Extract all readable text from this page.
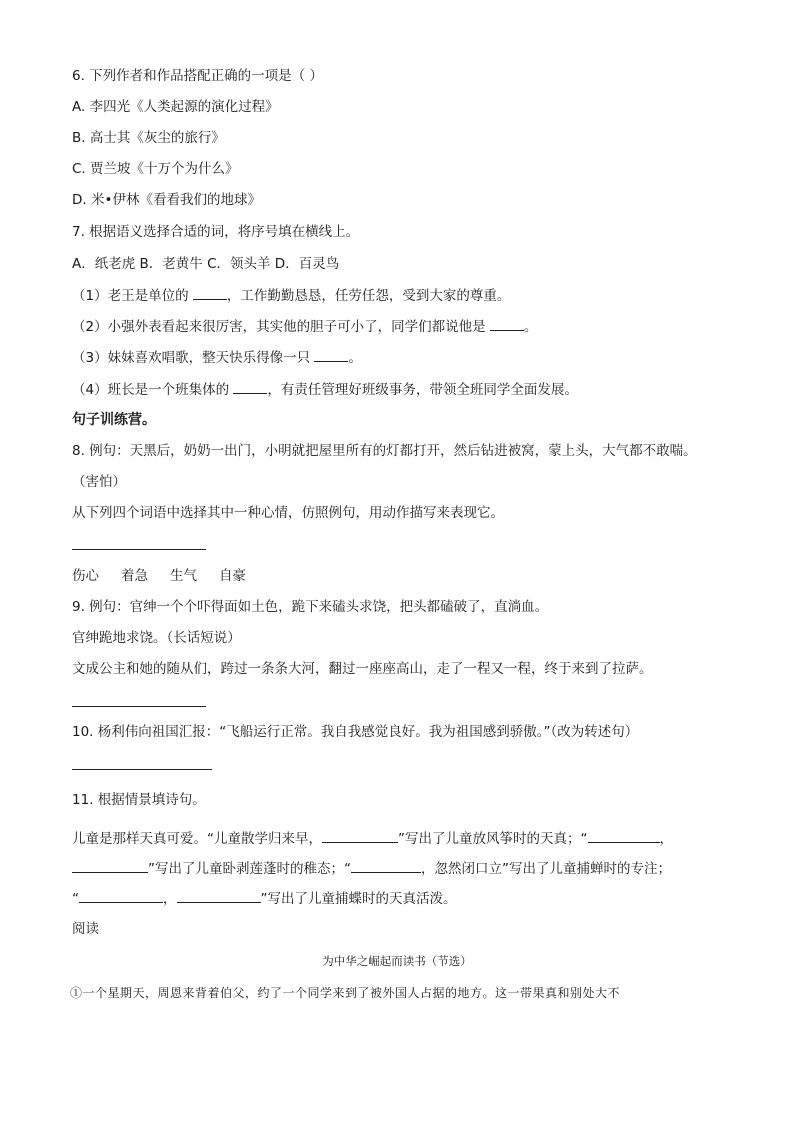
6. 下列作者和作品搭配正确的一项是（ ）
A. 李四光《人类起源的演化过程》
B. 高士其《灰尘的旅行》
C. 贾兰坡《十万个为什么》
D. 米•伊林《看看我们的地球》
7. 根据语义选择合适的词，将序号填在横线上。
A．纸老虎 B．老黄牛 C．领头羊 D．百灵鸟
（1）老王是单位的	，工作勤勤恳恳，任劳任怨，受到大家的尊重。
（2）小强外表看起来很厉害，其实他的胆子可小了，同学们都说他是	。
（3）妹妹喜欢唱歌，整天快乐得像一只	。
（4）班长是一个班集体的	，有责任管理好班级事务，带领全班同学全面发展。
句子训练营。
8. 例句：天黑后，奶奶一出门，小明就把屋里所有的灯都打开，然后钻进被窝，蒙上头，大气都不敢喘。
（害怕）
从下列四个词语中选择其中一种心情，仿照例句，用动作描写来表现它。
伤心 着急 生气 自豪
9. 例句：官绅一个个吓得面如土色，跪下来磕头求饶，把头都磕破了，直淌血。
官绅跪地求饶。（长话短说）
文成公主和她的随从们，跨过一条条大河，翻过一座座高山，走了一程又一程，终于来到了拉萨。
10. 杨利伟向祖国汇报：“飞船运行正常。我自我感觉良好。我为祖国感到骄傲。”（改为转述句）
11. 根据情景填诗句。
儿童是那样天真可爱。“儿童散学归来早，	”写出了儿童放风筝时的天真；“	，
”写出了儿童卧剥莲蓬时的稚态；“	，忽然闭口立”写出了儿童捕蝉时的专注；
“	，	”写出了儿童捕蝶时的天真活泼。
阅读
为中华之崛起而读书（节选）
①一个星期天，周恩来背着伯父，约了一个同学来到了被外国人占据的地方。这一带果真和别处大不
